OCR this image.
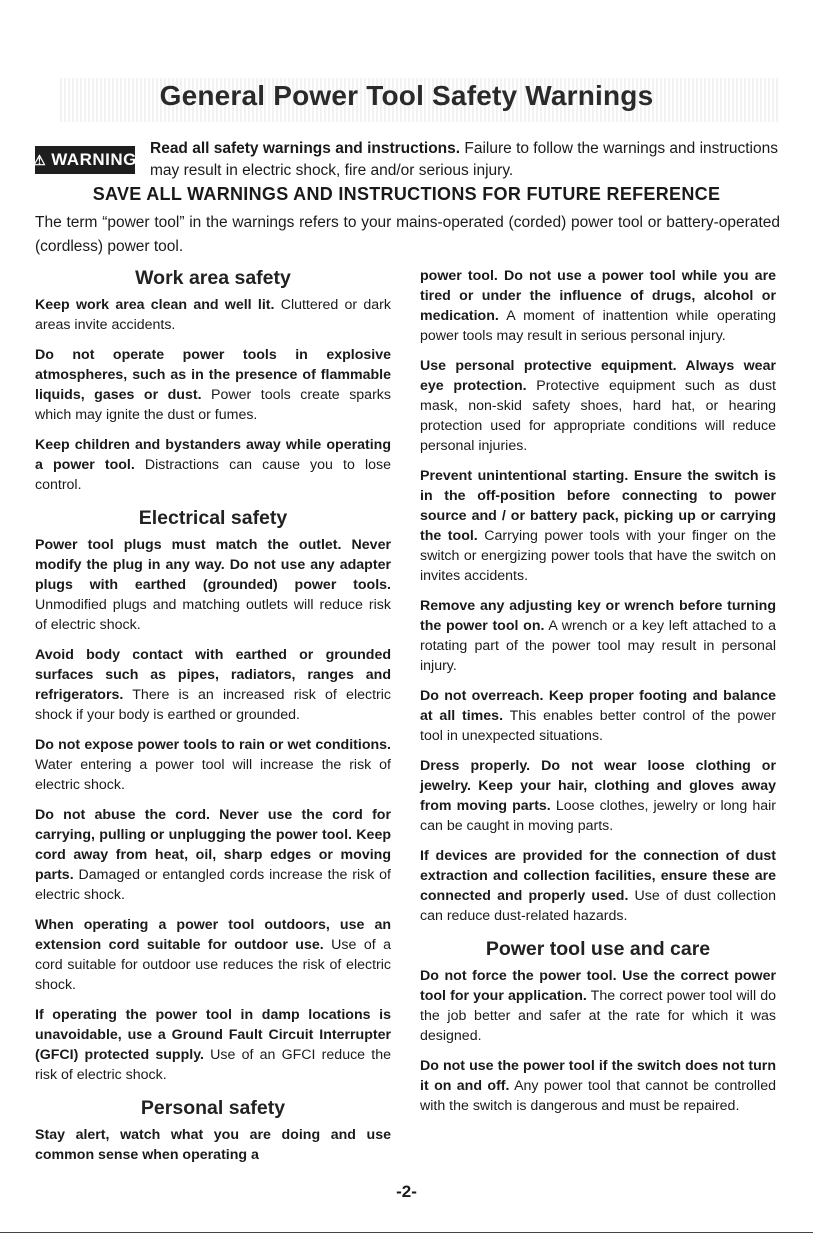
General Power Tool Safety Warnings
⚠ WARNING
Read all safety warnings and instructions. Failure to follow the warnings and instructions may result in electric shock, fire and/or serious injury.
SAVE ALL WARNINGS AND INSTRUCTIONS FOR FUTURE REFERENCE
The term “power tool” in the warnings refers to your mains-operated (corded) power tool or battery-operated (cordless) power tool.
Work area safety

Keep work area clean and well lit. Cluttered or dark areas invite accidents.

Do not operate power tools in explosive atmospheres, such as in the presence of flammable liquids, gases or dust. Power tools create sparks which may ignite the dust or fumes.

Keep children and bystanders away while operating a power tool. Distractions can cause you to lose control.

Electrical safety

Power tool plugs must match the outlet. Never modify the plug in any way. Do not use any adapter plugs with earthed (grounded) power tools. Unmodified plugs and matching outlets will reduce risk of electric shock.

Avoid body contact with earthed or grounded surfaces such as pipes, radiators, ranges and refrigerators. There is an increased risk of electric shock if your body is earthed or grounded.

Do not expose power tools to rain or wet conditions. Water entering a power tool will increase the risk of electric shock.

Do not abuse the cord. Never use the cord for carrying, pulling or unplugging the power tool. Keep cord away from heat, oil, sharp edges or moving parts. Damaged or entangled cords increase the risk of electric shock.

When operating a power tool outdoors, use an extension cord suitable for outdoor use. Use of a cord suitable for outdoor use reduces the risk of electric shock.

If operating the power tool in damp locations is unavoidable, use a Ground Fault Circuit Interrupter (GFCI) protected supply. Use of an GFCI reduce the risk of electric shock.

Personal safety

Stay alert, watch what you are doing and use common sense when operating a

power tool. Do not use a power tool while you are tired or under the influence of drugs, alcohol or medication. A moment of inattention while operating power tools may result in serious personal injury.

Use personal protective equipment. Always wear eye protection. Protective equipment such as dust mask, non-skid safety shoes, hard hat, or hearing protection used for appropriate conditions will reduce personal injuries.

Prevent unintentional starting. Ensure the switch is in the off-position before connecting to power source and / or battery pack, picking up or carrying the tool. Carrying power tools with your finger on the switch or energizing power tools that have the switch on invites accidents.

Remove any adjusting key or wrench before turning the power tool on. A wrench or a key left attached to a rotating part of the power tool may result in personal injury.

Do not overreach. Keep proper footing and balance at all times. This enables better control of the power tool in unexpected situations.

Dress properly. Do not wear loose clothing or jewelry. Keep your hair, clothing and gloves away from moving parts. Loose clothes, jewelry or long hair can be caught in moving parts.

If devices are provided for the connection of dust extraction and collection facilities, ensure these are connected and properly used. Use of dust collection can reduce dust-related hazards.

Power tool use and care

Do not force the power tool. Use the correct power tool for your application. The correct power tool will do the job better and safer at the rate for which it was designed.

Do not use the power tool if the switch does not turn it on and off. Any power tool that cannot be controlled with the switch is dangerous and must be repaired.

-2-
